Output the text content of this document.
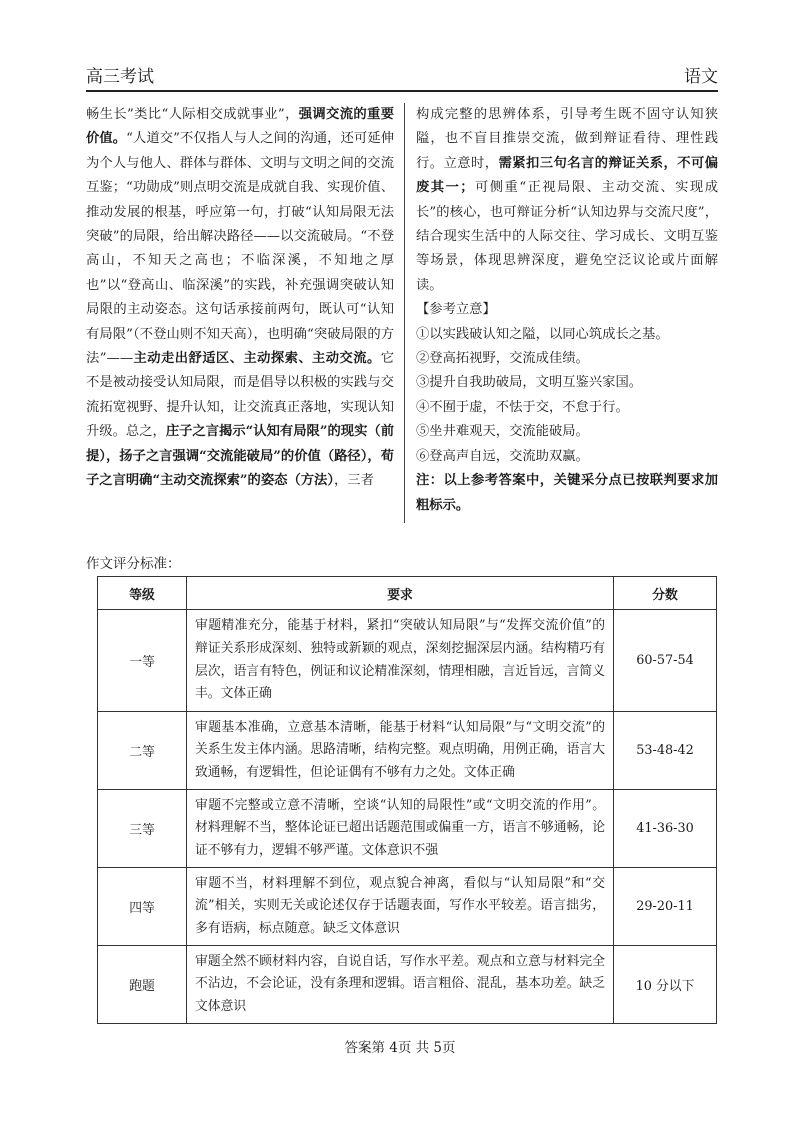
高三考试	语文

畅生长”类比“人际相交成就事业”，强调交流的重要价值。“人道交”不仅指人与人之间的沟通，还可延伸为个人与他人、群体与群体、文明与文明之间的交流互鉴；“功勋成”则点明交流是成就自我、实现价值、推动发展的根基，呼应第一句，打破“认知局限无法突破”的局限，给出解决路径——以交流破局。“不登高山，不知天之高也；不临深溪，不知地之厚也”以“登高山、临深溪”的实践，补充强调突破认知局限的主动姿态。这句话承接前两句，既认可“认知有局限”（不登山则不知天高），也明确“突破局限的方法”——主动走出舒适区、主动探索、主动交流。它不是被动接受认知局限，而是倡导以积极的实践与交流拓宽视野、提升认知，让交流真正落地，实现认知升级。总之，庄子之言揭示“认知有局限”的现实（前提），扬子之言强调“交流能破局”的价值（路径），荀子之言明确“主动交流探索”的姿态（方法），三者

构成完整的思辨体系，引导考生既不固守认知狭隘，也不盲目推崇交流，做到辩证看待、理性践行。立意时，需紧扣三句名言的辩证关系，不可偏废其一；可侧重“正视局限、主动交流、实现成长”的核心，也可辩证分析“认知边界与交流尺度”，结合现实生活中的人际交往、学习成长、文明互鉴等场景，体现思辨深度，避免空泛议论或片面解读。

【参考立意】
①以实践破认知之隘，以同心筑成长之基。
②登高拓视野，交流成佳绩。
③提升自我助破局，文明互鉴兴家国。
④不囿于虚，不怯于交，不怠于行。
⑤坐井难观天，交流能破局。
⑥登高声自远，交流助双赢。
注：以上参考答案中，关键采分点已按联判要求加粗标示。
作文评分标准：
等级	要求	分数
一等	审题精准充分，能基于材料，紧扣“突破认知局限”与“发挥交流价值”的辩证关系形成深刻、独特或新颖的观点，深刻挖掘深层内涵。结构精巧有层次，语言有特色，例证和议论精准深刻，情理相融，言近旨远，言简义丰。文体正确	60-57-54
二等	审题基本准确，立意基本清晰，能基于材料“认知局限”与“文明交流”的关系生发主体内涵。思路清晰，结构完整。观点明确，用例正确，语言大致通畅，有逻辑性，但论证偶有不够有力之处。文体正确	53-48-42
三等	审题不完整或立意不清晰，空谈“认知的局限性”或“文明交流的作用”。材料理解不当，整体论证已超出话题范围或偏重一方，语言不够通畅，论证不够有力，逻辑不够严谨。文体意识不强	41-36-30
四等	审题不当，材料理解不到位，观点貌合神离，看似与“认知局限”和“交流”相关，实则无关或论述仅存于话题表面，写作水平较差。语言拙劣，多有语病，标点随意。缺乏文体意识	29-20-11
跑题	审题全然不顾材料内容，自说自话，写作水平差。观点和立意与材料完全不沾边，不会论证，没有条理和逻辑。语言粗俗、混乱，基本功差。缺乏文体意识	10 分以下
答案第 4页 共 5页
